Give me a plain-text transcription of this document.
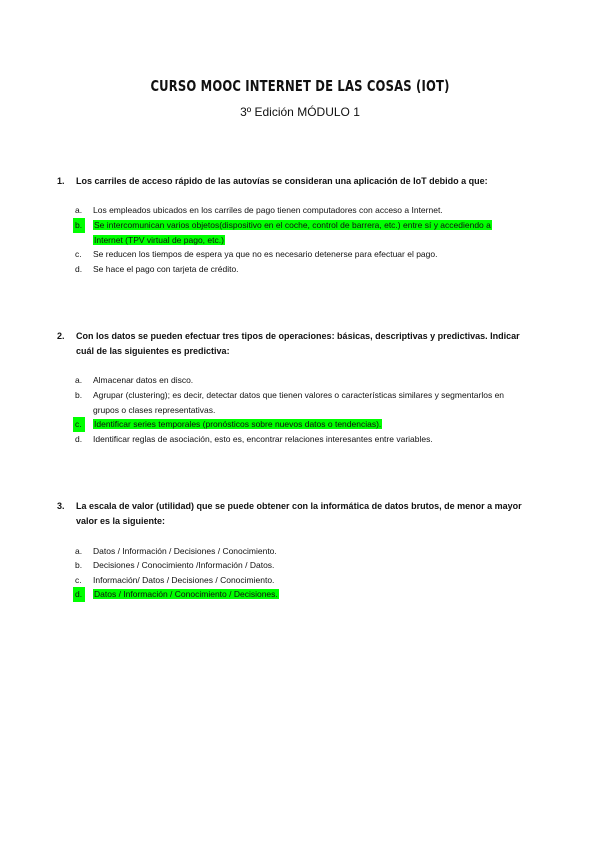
CURSO MOOC INTERNET DE LAS COSAS (IOT)
3º Edición MÓDULO 1
1. Los carriles de acceso rápido de las autovías se consideran una aplicación de IoT debido a que:
a. Los empleados ubicados en los carriles de pago tienen computadores con acceso a Internet.
b.	Se intercomunican varios objetos(dispositivo en el coche, control de barrera, etc.) entre sí y accediendo a Internet (TPV virtual de pago, etc.)
c. Se reducen los tiempos de espera ya que no es necesario detenerse para efectuar el pago.
d. Se hace el pago con tarjeta de crédito.
2. Con los datos se pueden efectuar tres tipos de operaciones: básicas, descriptivas y predictivas. Indicar cuál de las siguientes es predictiva:
a. Almacenar datos en disco.
b. Agrupar (clustering); es decir, detectar datos que tienen valores o características similares y segmentarlos en grupos o clases representativas.
c.	Identificar series temporales (pronósticos sobre nuevos datos o tendencias).
d. Identificar reglas de asociación, esto es, encontrar relaciones interesantes entre variables.
3. La escala de valor (utilidad) que se puede obtener con la informática de datos brutos, de menor a mayor valor es la siguiente:
a. Datos / Información / Decisiones / Conocimiento.
b. Decisiones / Conocimiento /Información / Datos.
c. Información/ Datos / Decisiones / Conocimiento.
d.	Datos / Información / Conocimiento / Decisiones.
